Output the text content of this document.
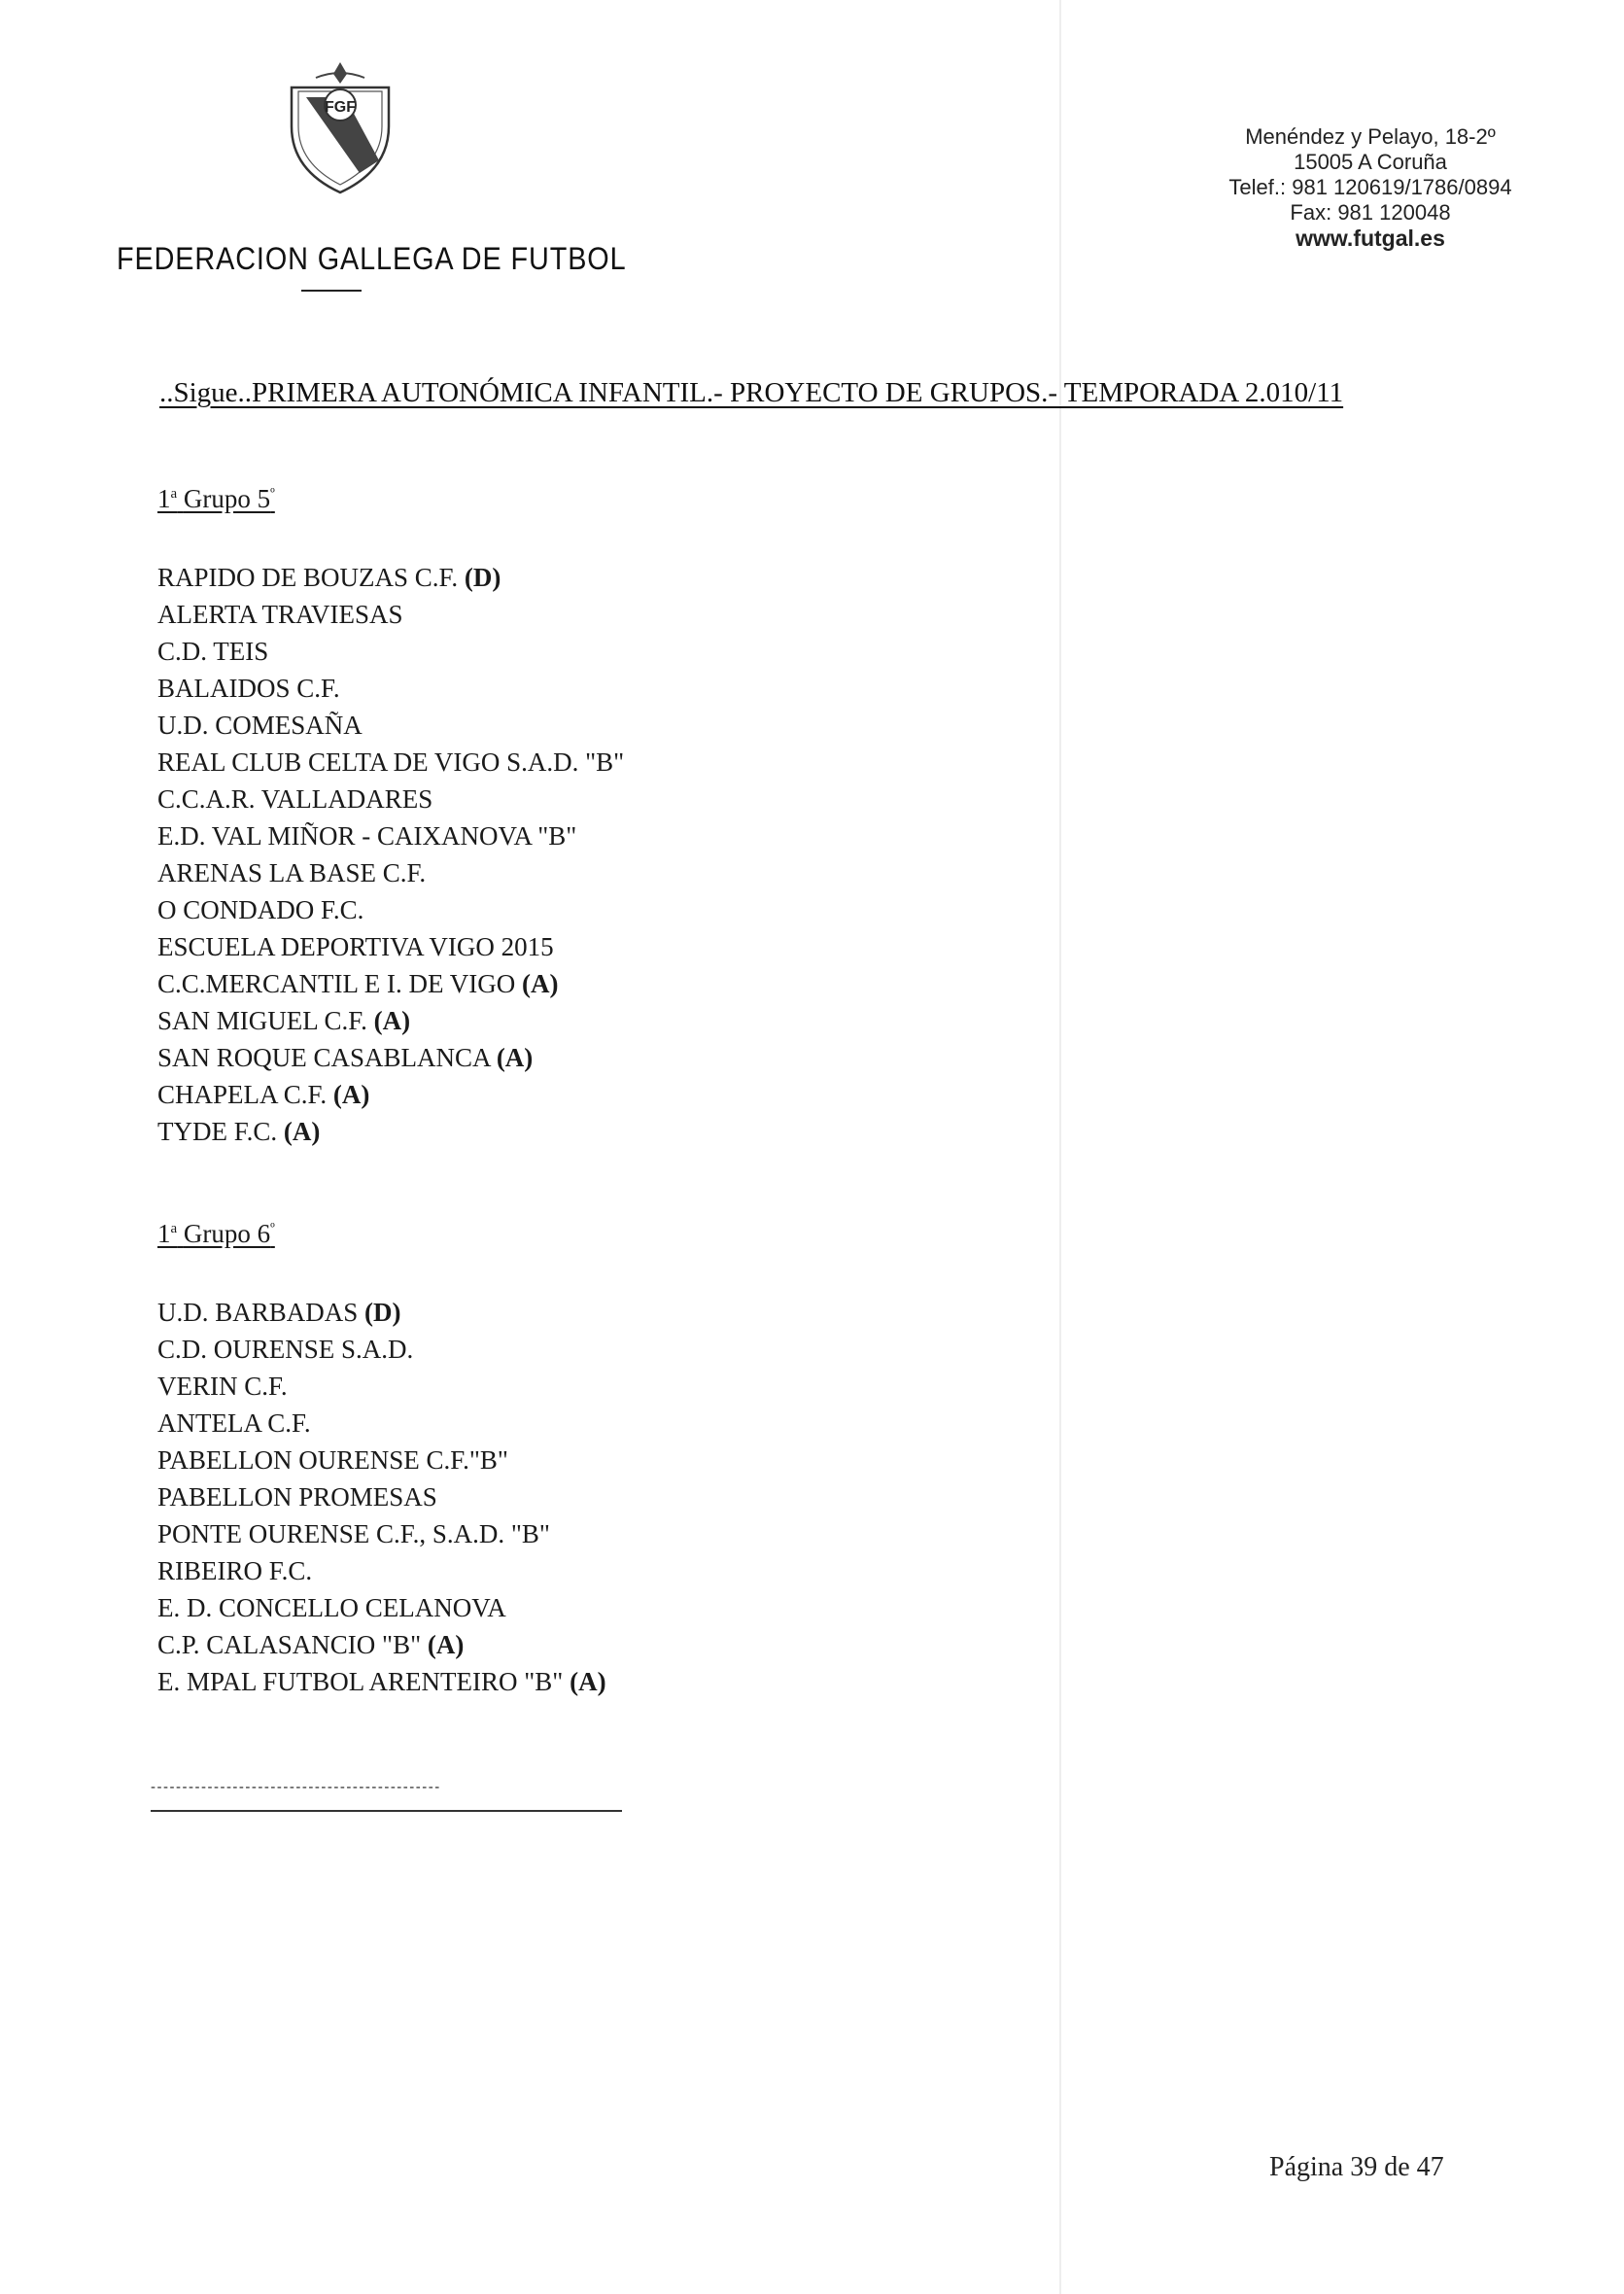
FGF
FEDERACION GALLEGA DE FUTBOL
Menéndez y Pelayo, 18-2º
15005 A Coruña
Telef.: 981 120619/1786/0894
Fax: 981 120048
www.futgal.es
..Sigue..PRIMERA AUTONÓMICA INFANTIL.- PROYECTO DE GRUPOS.- TEMPORADA 2.010/11
1$^a$ Grupo $5^º$
RAPIDO DE BOUZAS C.F. (D)
ALERTA TRAVIESAS
C.D. TEIS
BALAIDOS C.F.
U.D. COMESAÑA
REAL CLUB CELTA DE VIGO S.A.D. "B"
C.C.A.R. VALLADARES
E.D. VAL MIÑOR - CAIXANOVA "B"
ARENAS LA BASE C.F.
O CONDADO F.C.
ESCUELA DEPORTIVA VIGO 2015
C.C.MERCANTIL E I. DE VIGO (A)
SAN MIGUEL C.F. (A)
SAN ROQUE CASABLANCA (A)
CHAPELA C.F. (A)
TYDE F.C. (A)
1$^a$ Grupo $6^º$
U.D. BARBADAS (D)
C.D. OURENSE S.A.D.
VERIN C.F.
ANTELA C.F.
PABELLON OURENSE C.F."B"
PABELLON PROMESAS
PONTE OURENSE C.F., S.A.D. "B"
RIBEIRO F.C.
E. D. CONCELLO CELANOVA
C.P. CALASANCIO "B" (A)
E. MPAL FUTBOL ARENTEIRO "B" (A)
----------------------------------------------
Página 39 de 47
